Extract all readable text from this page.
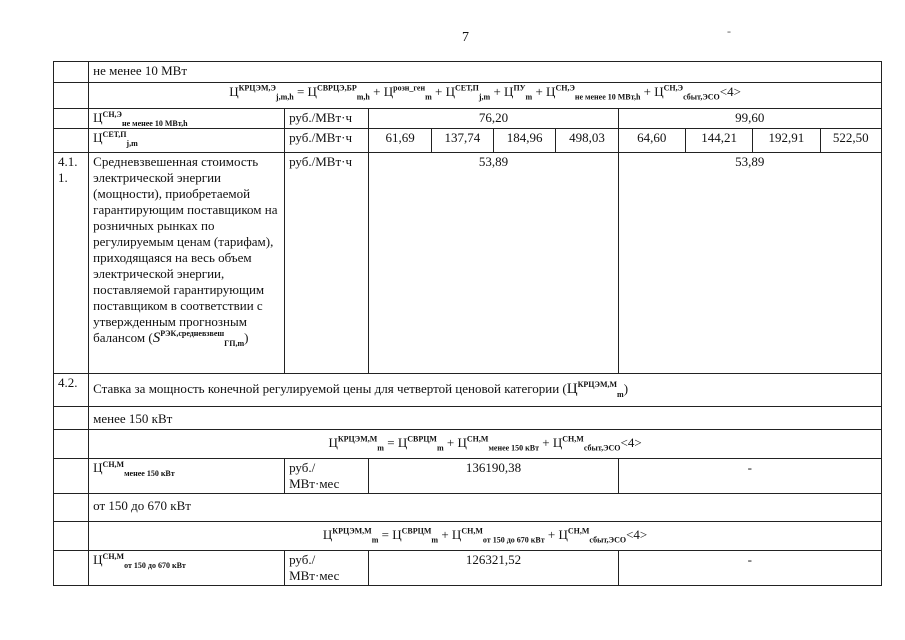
7	-
	не менее 10 МВт									
	$Ц^{КРЦЭМ,Э}_{j,m,h} = Ц^{СВРЦЭ,БР}_{m,h} + Ц^{розн\_ген}_m + Ц^{СЕТ,П}_{j,m} + Ц^{ПУ}_m + Ц^{СН,Э}_{не менее 10 МВт,h} + Ц^{СН,Э}_{сбыт,ЭСО}<4>$									
	$Ц^{СН,Э}_{не менее 10 МВт,h}$	руб./МВт·ч	76,20				99,60			
	$Ц^{СЕТ,П}_{j,m}$	руб./МВт·ч	61,69	137,74	184,96	498,03	64,60	144,21	192,91	522,50
4.1.
1.	Средневзвешенная стоимость электрической энергии (мощности), приобретаемой гарантирующим поставщиком на розничных рынках по регулируемым ценам (тарифам), приходящаяся на весь объем электрической энергии, поставляемой гарантирующим поставщиком в соответствии с утвержденным прогнозным балансом $(S^{РЭК,средневзвеш}_{ГП,m})$	руб./МВт·ч	53,89				53,89			
4.2.	Ставка за мощность конечной регулируемой цены для четвертой ценовой категории $(Ц^{КРЦЭМ,М}_m)$									
	менее 150 кВт									
	$Ц^{КРЦЭМ,М}_m = Ц^{СВРЦМ}_m + Ц^{СН,М}_{менее 150 кВт} + Ц^{СН,М}_{сбыт,ЭСО}<4>$									
	$Ц^{СН,М}_{менее 150 кВт}$	руб./
МВт·мес	136190,38				-			
	от 150 до 670 кВт									
	$Ц^{КРЦЭМ,М}_m = Ц^{СВРЦМ}_m + Ц^{СН,М}_{от 150 до 670 кВт} + Ц^{СН,М}_{сбыт,ЭСО}<4>$									
	$Ц^{СН,М}_{от 150 до 670 кВт}$	руб./
МВт·мес	126321,52				-			
